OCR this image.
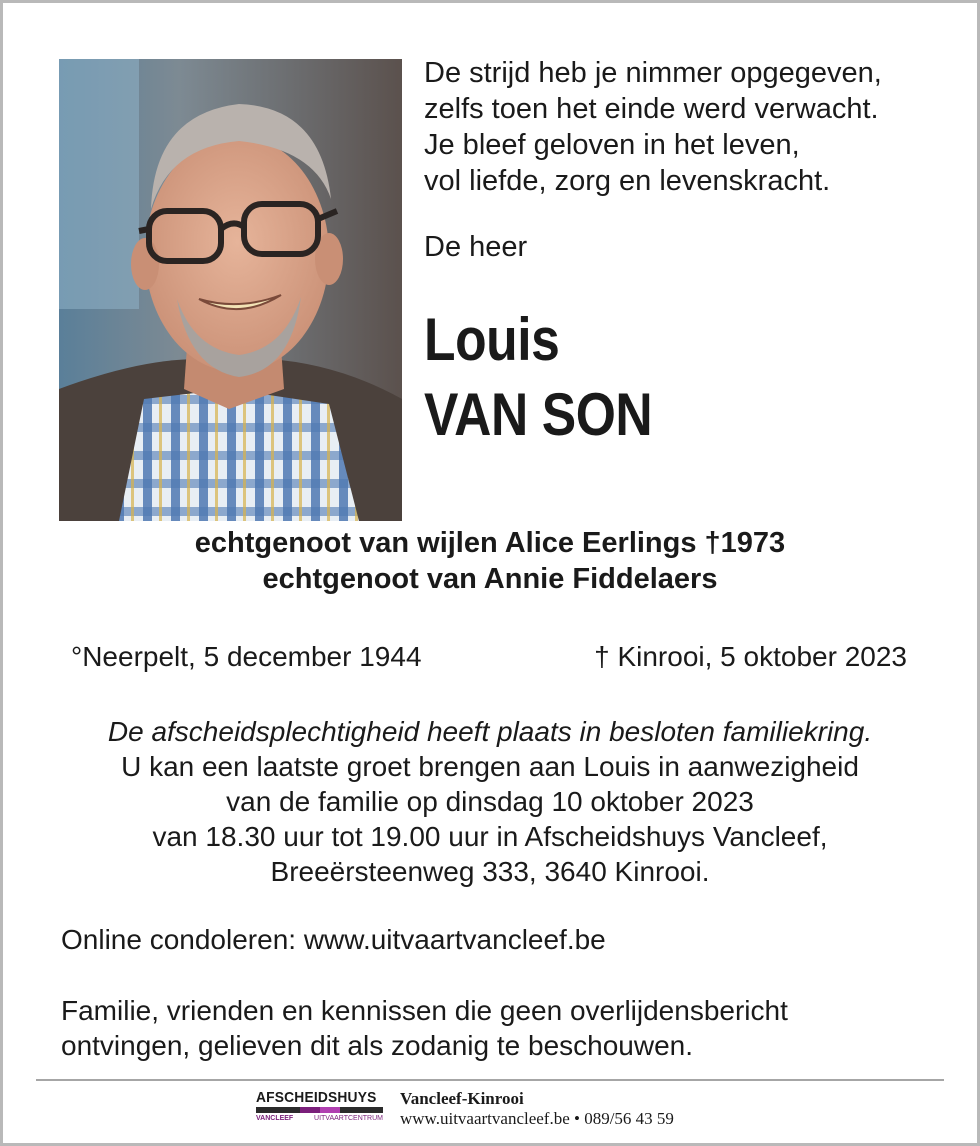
De strijd heb je nimmer opgegeven,
zelfs toen het einde werd verwacht.
Je bleef geloven in het leven,
vol liefde, zorg en levenskracht.
De heer
Louis
VAN SON
echtgenoot van wijlen Alice Eerlings †1973
echtgenoot van Annie Fiddelaers
°Neerpelt, 5 december 1944	† Kinrooi, 5 oktober 2023
De afscheidsplechtigheid heeft plaats in besloten familiekring.
U kan een laatste groet brengen aan Louis in aanwezigheid
van de familie op dinsdag 10 oktober 2023
van 18.30 uur tot 19.00 uur in Afscheidshuys Vancleef,
Breeërsteenweg 333, 3640 Kinrooi.
Online condoleren: www.uitvaartvancleef.be
Familie, vrienden en kennissen die geen overlijdensbericht
ontvingen, gelieven dit als zodanig te beschouwen.
AFSCHEIDSHUYS
VANCLEEF	UITVAARTCENTRUM
Vancleef-Kinrooi
www.uitvaartvancleef.be • 089/56 43 59
